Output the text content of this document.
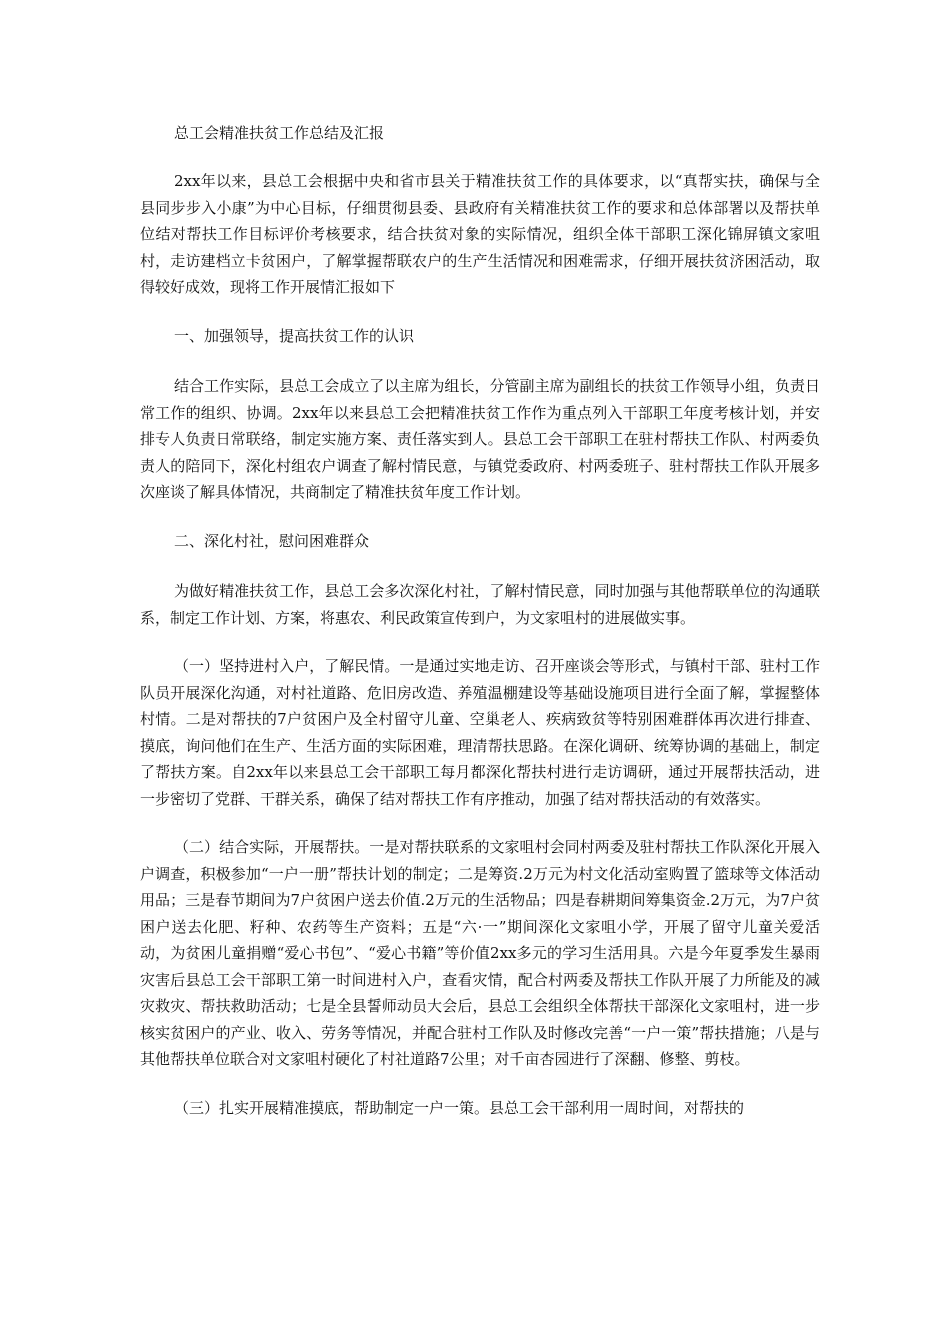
总工会精准扶贫工作总结及汇报

2xx年以来，县总工会根据中央和省市县关于精准扶贫工作的具体要求，以“真帮实扶，确保与全县同步步入小康”为中心目标，仔细贯彻县委、县政府有关精准扶贫工作的要求和总体部署以及帮扶单位结对帮扶工作目标评价考核要求，结合扶贫对象的实际情况，组织全体干部职工深化锦屏镇文家咀村，走访建档立卡贫困户，了解掌握帮联农户的生产生活情况和困难需求，仔细开展扶贫济困活动，取得较好成效，现将工作开展情汇报如下

一、加强领导，提高扶贫工作的认识

结合工作实际，县总工会成立了以主席为组长，分管副主席为副组长的扶贫工作领导小组，负责日常工作的组织、协调。2xx年以来县总工会把精准扶贫工作作为重点列入干部职工年度考核计划，并安排专人负责日常联络，制定实施方案、责任落实到人。县总工会干部职工在驻村帮扶工作队、村两委负责人的陪同下，深化村组农户调查了解村情民意，与镇党委政府、村两委班子、驻村帮扶工作队开展多次座谈了解具体情况，共商制定了精准扶贫年度工作计划。

二、深化村社，慰问困难群众

为做好精准扶贫工作，县总工会多次深化村社，了解村情民意，同时加强与其他帮联单位的沟通联系，制定工作计划、方案，将惠农、利民政策宣传到户，为文家咀村的进展做实事。

（一）坚持进村入户，了解民情。一是通过实地走访、召开座谈会等形式，与镇村干部、驻村工作队员开展深化沟通，对村社道路、危旧房改造、养殖温棚建设等基础设施项目进行全面了解，掌握整体村情。二是对帮扶的7户贫困户及全村留守儿童、空巢老人、疾病致贫等特别困难群体再次进行排查、摸底，询问他们在生产、生活方面的实际困难，理清帮扶思路。在深化调研、统筹协调的基础上，制定了帮扶方案。自2xx年以来县总工会干部职工每月都深化帮扶村进行走访调研，通过开展帮扶活动，进一步密切了党群、干群关系，确保了结对帮扶工作有序推动，加强了结对帮扶活动的有效落实。

（二）结合实际，开展帮扶。一是对帮扶联系的文家咀村会同村两委及驻村帮扶工作队深化开展入户调查，积极参加“一户一册”帮扶计划的制定；二是筹资.2万元为村文化活动室购置了篮球等文体活动用品；三是春节期间为7户贫困户送去价值.2万元的生活物品；四是春耕期间筹集资金.2万元，为7户贫困户送去化肥、籽种、农药等生产资料；五是“六·一”期间深化文家咀小学，开展了留守儿童关爱活动，为贫困儿童捐赠“爱心书包”、“爱心书籍”等价值2xx多元的学习生活用具。六是今年夏季发生暴雨灾害后县总工会干部职工第一时间进村入户，查看灾情，配合村两委及帮扶工作队开展了力所能及的减灾救灾、帮扶救助活动；七是全县誓师动员大会后，县总工会组织全体帮扶干部深化文家咀村，进一步核实贫困户的产业、收入、劳务等情况，并配合驻村工作队及时修改完善“一户一策”帮扶措施；八是与其他帮扶单位联合对文家咀村硬化了村社道路7公里；对千亩杏园进行了深翻、修整、剪枝。

（三）扎实开展精准摸底，帮助制定一户一策。县总工会干部利用一周时间，对帮扶的
